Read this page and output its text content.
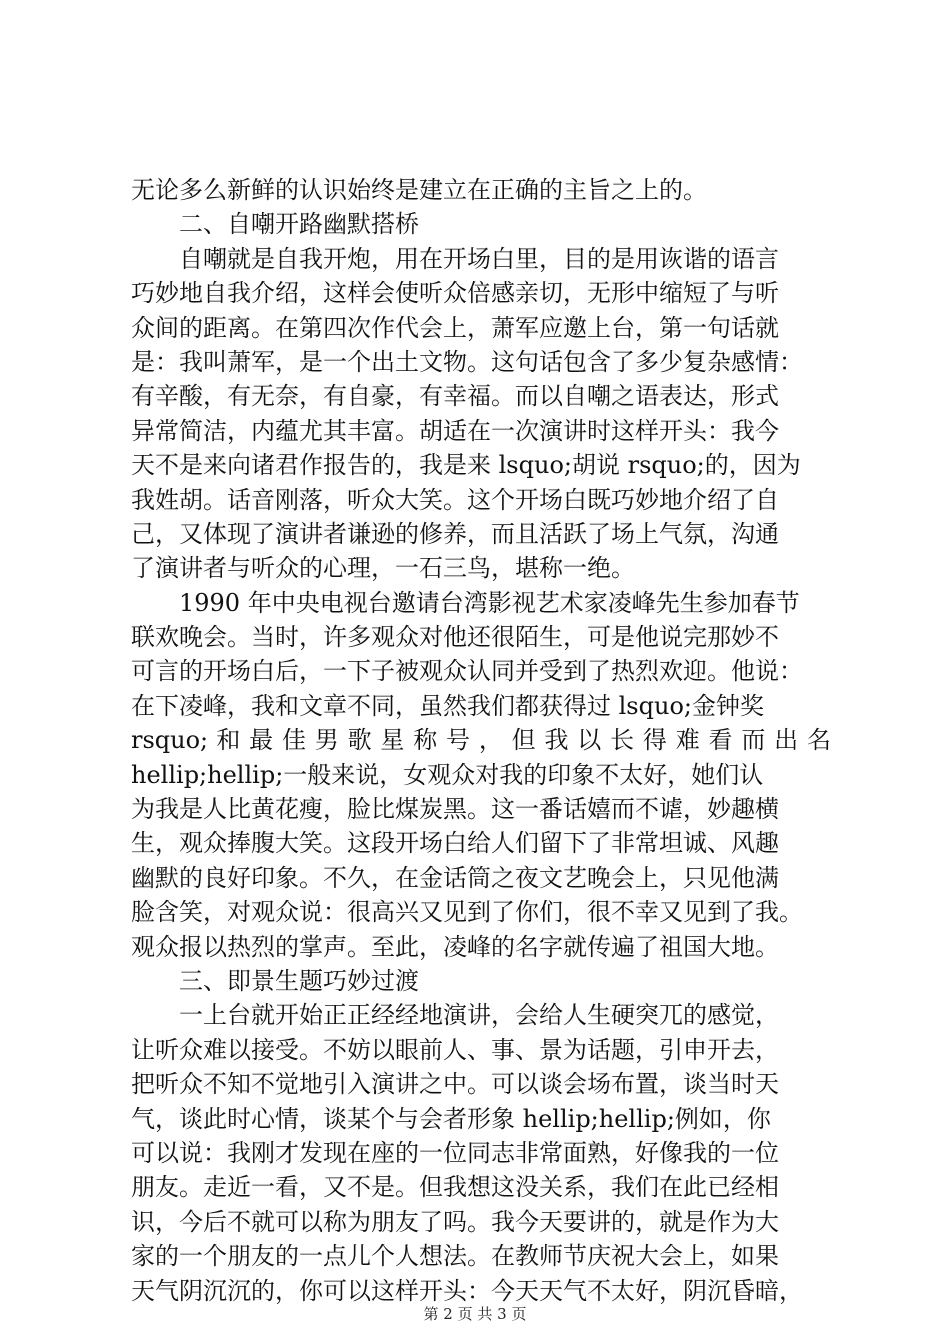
无论多么新鲜的认识始终是建立在正确的主旨之上的。
二、自嘲开路幽默搭桥
自嘲就是自我开炮，用在开场白里，目的是用诙谐的语言
巧妙地自我介绍，这样会使听众倍感亲切，无形中缩短了与听
众间的距离。在第四次作代会上，萧军应邀上台，第一句话就
是：我叫萧军，是一个出土文物。这句话包含了多少复杂感情：
有辛酸，有无奈，有自豪，有幸福。而以自嘲之语表达，形式
异常简洁，内蕴尤其丰富。胡适在一次演讲时这样开头：我今
天不是来向诸君作报告的，我是来 lsquo;胡说 rsquo;的，因为
我姓胡。话音刚落，听众大笑。这个开场白既巧妙地介绍了自
己，又体现了演讲者谦逊的修养，而且活跃了场上气氛，沟通
了演讲者与听众的心理，一石三鸟，堪称一绝。
1990 年中央电视台邀请台湾影视艺术家凌峰先生参加春节
联欢晚会。当时，许多观众对他还很陌生，可是他说完那妙不
可言的开场白后，一下子被观众认同并受到了热烈欢迎。他说：
在下凌峰，我和文章不同，虽然我们都获得过 lsquo;金钟奖
rsquo; 和 最 佳 男 歌 星 称 号 ， 但 我 以 长 得 难 看 而 出 名
hellip;hellip;一般来说，女观众对我的印象不太好，她们认
为我是人比黄花瘦，脸比煤炭黑。这一番话嬉而不谑，妙趣横
生，观众捧腹大笑。这段开场白给人们留下了非常坦诚、风趣
幽默的良好印象。不久，在金话筒之夜文艺晚会上，只见他满
脸含笑，对观众说：很高兴又见到了你们，很不幸又见到了我。
观众报以热烈的掌声。至此，凌峰的名字就传遍了祖国大地。
三、即景生题巧妙过渡
一上台就开始正正经经地演讲，会给人生硬突兀的感觉，
让听众难以接受。不妨以眼前人、事、景为话题，引申开去，
把听众不知不觉地引入演讲之中。可以谈会场布置，谈当时天
气，谈此时心情，谈某个与会者形象 hellip;hellip;例如，你
可以说：我刚才发现在座的一位同志非常面熟，好像我的一位
朋友。走近一看，又不是。但我想这没关系，我们在此已经相
识，今后不就可以称为朋友了吗。我今天要讲的，就是作为大
家的一个朋友的一点儿个人想法。在教师节庆祝大会上，如果
天气阴沉沉的，你可以这样开头：今天天气不太好，阴沉昏暗，
第 2 页 共 3 页
